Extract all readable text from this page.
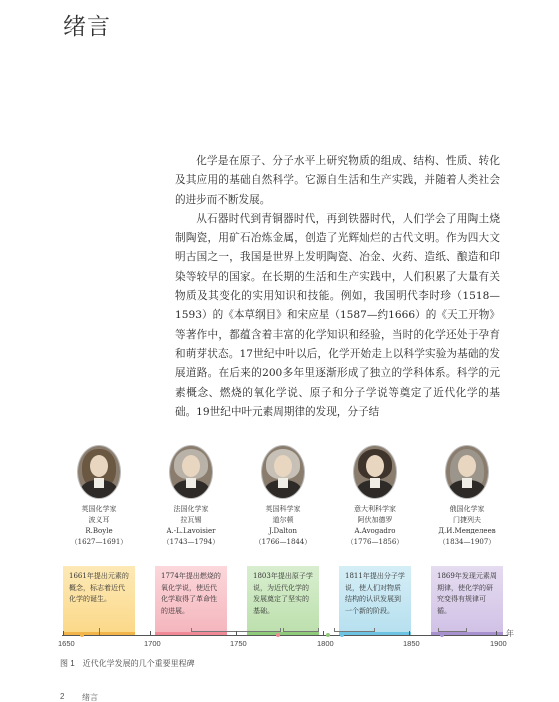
绪言

化学是在原子、分子水平上研究物质的组成、结构、性质、转化及其应用的基础自然科学。它源自生活和生产实践，并随着人类社会的进步而不断发展。

从石器时代到青铜器时代，再到铁器时代，人们学会了用陶土烧制陶瓷，用矿石冶炼金属，创造了光辉灿烂的古代文明。作为四大文明古国之一，我国是世界上发明陶瓷、冶金、火药、造纸、酿造和印染等较早的国家。在长期的生活和生产实践中，人们积累了大量有关物质及其变化的实用知识和技能。例如，我国明代李时珍（1518—1593）的《本草纲目》和宋应星（1587—约1666）的《天工开物》等著作中，都蕴含着丰富的化学知识和经验，当时的化学还处于孕育和萌芽状态。17世纪中叶以后，化学开始走上以科学实验为基础的发展道路。在后来的200多年里逐渐形成了独立的学科体系。科学的元素概念、燃烧的氧化学说、原子和分子学说等奠定了近代化学的基础。19世纪中叶元素周期律的发现，分子结

英国化学家
波义耳
R.Boyle
（1627—1691）
1661年提出元素的概念，标志着近代化学的诞生。
法国化学家
拉瓦锡
A.-L.Lavoisier
（1743—1794）
1774年提出燃烧的氧化学说，使近代化学取得了革命性的进展。
英国科学家
道尔顿
J.Dalton
（1766—1844）
1803年提出原子学说，为近代化学的发展奠定了坚实的基础。
意大利科学家
阿伏加德罗
A.Avogadro
（1776—1856）
1811年提出分子学说，使人们对物质结构的认识发展到一个新的阶段。
俄国化学家
门捷列夫
Д.И.Менделеев
（1834—1907）
1869年发现元素周期律，使化学的研究变得有规律可循。
1650	1700	1750	1800	1850	1900
年
图 1　近代化学发展的几个重要里程碑
2 绪言
